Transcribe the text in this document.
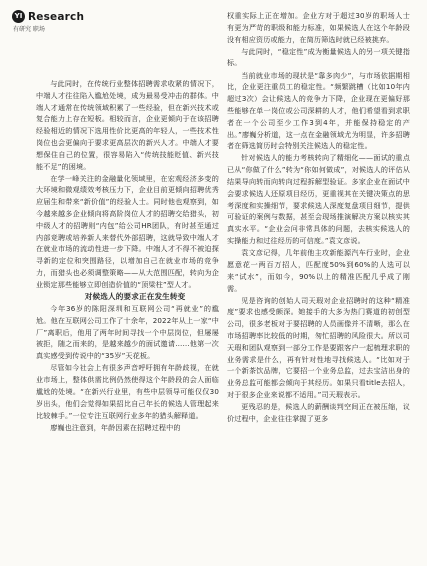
YI Research
有研究 职场

与此同时，在传统行业整体招聘需求收紧的情况下，中端人才往往陷入尴尬处境，成为最易受冲击的群体。中端人才通常在传统领域积累了一些经验，但在新兴技术或复合能力上存在短板。相较而言，企业更倾向于在该招聘经验相近的情况下选用性价比更高的年轻人，一些技术性岗位也会更偏向于要求更高层次的新兴人才。中端人才要想保住自己的位置，很容易陷入“传统技能贬值、新兴技能不足”的困境。

在学一峰关注的金融量化领域里，在宏观经济多变的大环境和微观绩效考核压力下，企业目前更倾向招聘优秀应届生和带来“新价值”的经验人士。同时他也观察到，如今越来越多企业倾向将高阶岗位人才的招聘交给猎头，初中级人才的招聘则“内包”给公司HR团队，有时甚至通过内部竞聘或培养新人来替代外部招聘，这就导致中端人才在就业市场的流动性进一步下降。中端人才不得不被迫探寻新的定位和突围路径，以增加自己在就业市场的竞争力，而猎头也必须调整策略——从大范围匹配，转向为企业锁定那些能够立即创造价值的“顶梁柱”型人才。

对候选人的要求正在发生转变

今年36岁的陈阳深圳和互联网公司“再就业”的尴尬。他在互联网公司工作了十余年，2022年从上一家“中厂”离职后，他用了两年时间寻找一个中层岗位，但屡屡被拒，随之而来的，是越来越少的面试邀请……他第一次真实感受到传说中的“35岁”天花板。

尽管如今社会上有很多声音呼吁拥有年龄歧视，在就业市场上，整体供需比例仍然使得这个年龄段的会人面临尴尬的处境。“在新兴行业里，有些中层领导可能仅仅30岁出头，他们会觉得如果招比自己年长的候选人管理起来比较棘手。”一位专注互联网行业多年的猎头解释道。

廖巍也注意到，年龄因素在招聘过程中的

权重实际上正在增加。企业方对于超过30岁的职场人士有更为严苛的职级和能力标准，如果候选人在这个年龄段没有相应资历或能力，在简历筛选时就已经被挑弃。

与此同时，“稳定性”成为衡量候选人的另一项关键指标。

当前就业市场的现状是“靠多肉少”，与市场依据期相比，企业更注重员工的稳定性。“频繁跳槽（比如10年内超过3次）会让候选人的竞争力下降，企业现在更偏好那些能够在单一岗位或公司深耕的人才，他们希望看到求职者在一个公司至少工作3到4年，并能保持稳定的产出。”廖巍分析道，这一点在金融领域尤为明显，许多招聘者在筛选简历时会特别关注候选人的稳定性。

针对候选人的能力考核转向了精细化——面试的重点已从“你做了什么”转为“你如何做成”，对候选人的评估从结果导向转而向转向过程拆解型验证。多家企业在面试中会要求候选人还原项目经历，更重视其在关键决策点的思考深度和实操细节，要求候选人深度复盘项目细节，提供可验证的案例与数据，甚至会现场推演解决方案以核实其真实水平。“企业会问非常具体的问题，去核实候选人的实操能力和过往经历的可信度。”袁文彦说。

袁文彦记得，几年前他主攻新能源汽车行业时，企业愿意花一两百万招人，匹配度50%到60%的人选可以来“试水”，而如今，90%以上的精准匹配几乎成了刚需。

见是咨询的创始人司天瑕对企业招聘时的这种“精准度”要求也感受颇深。她接手的大多为热门赛道的初创型公司，很多老板对于要招聘的人员画像并不清晰，那么在市场招聘率比较低的时期，匆忙招聘的风险很大。所以司天瑕和团队观察到一部分工作是要跟客户一起梳理求职的业务需求是什么，再有针对性地寻找候选人。“比如对于一个新茶饮品牌，它要招一个业务总监，过去宝洁出身的业务总监可能都会倾向于其经历。如果只看title去招人，对于很多企业来说都不适用。”司天瑕表示。

更残忍的是，候选人的薪酬谈判空间正在被压缩，议价过程中，企业往往掌握了更多
